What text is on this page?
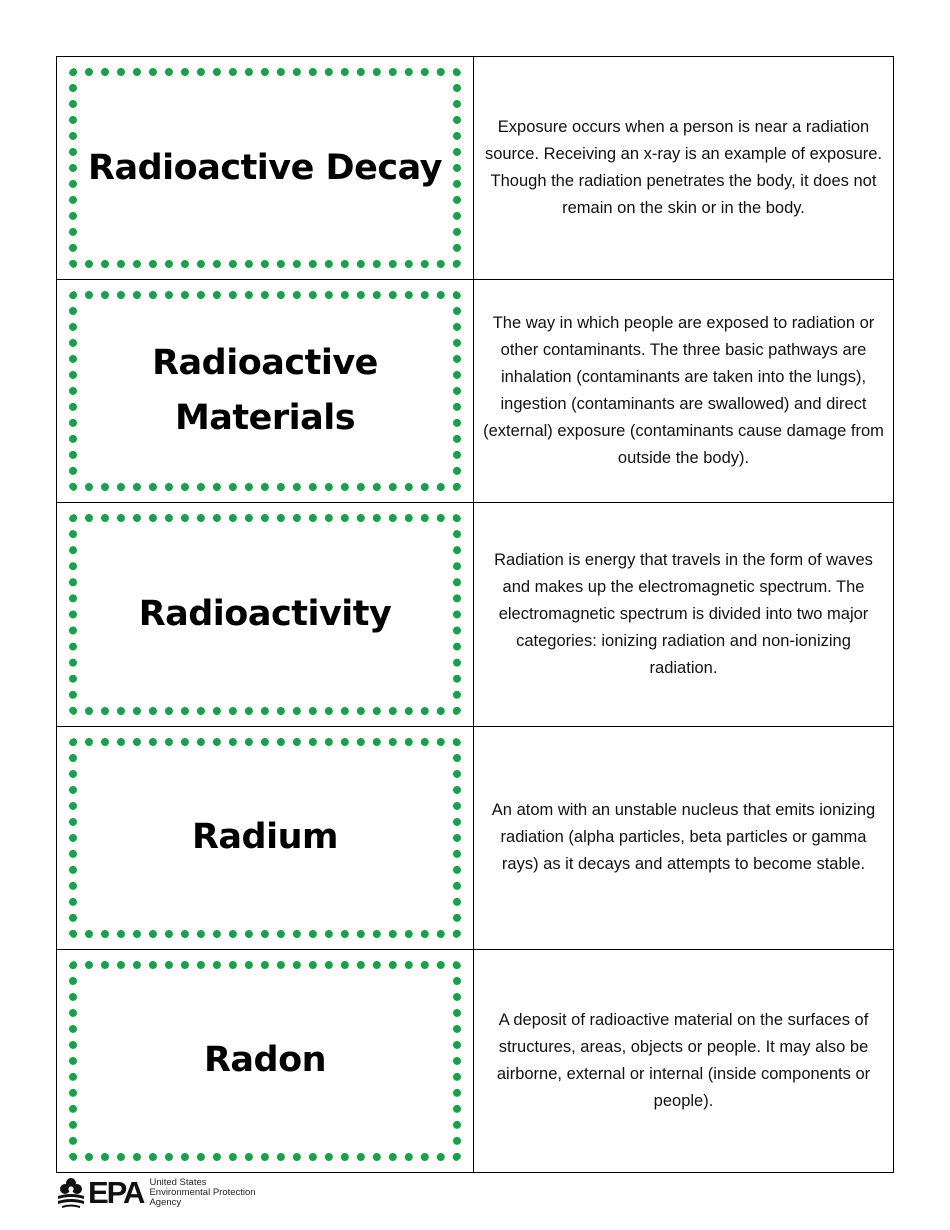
Radioactive Decay
Exposure occurs when a person is near a radiation source. Receiving an x-ray is an example of exposure. Though the radiation penetrates the body, it does not remain on the skin or in the body.
Radioactive Materials
The way in which people are exposed to radiation or other contaminants. The three basic pathways are inhalation (contaminants are taken into the lungs), ingestion (contaminants are swallowed) and direct (external) exposure (contaminants cause damage from outside the body).
Radioactivity
Radiation is energy that travels in the form of waves and makes up the electromagnetic spectrum. The electromagnetic spectrum is divided into two major categories: ionizing radiation and non-ionizing radiation.
Radium
An atom with an unstable nucleus that emits ionizing radiation (alpha particles, beta particles or gamma rays) as it decays and attempts to become stable.
Radon
A deposit of radioactive material on the surfaces of structures, areas, objects or people. It may also be airborne, external or internal (inside components or people).
EPA United States
Environmental Protection
Agency
